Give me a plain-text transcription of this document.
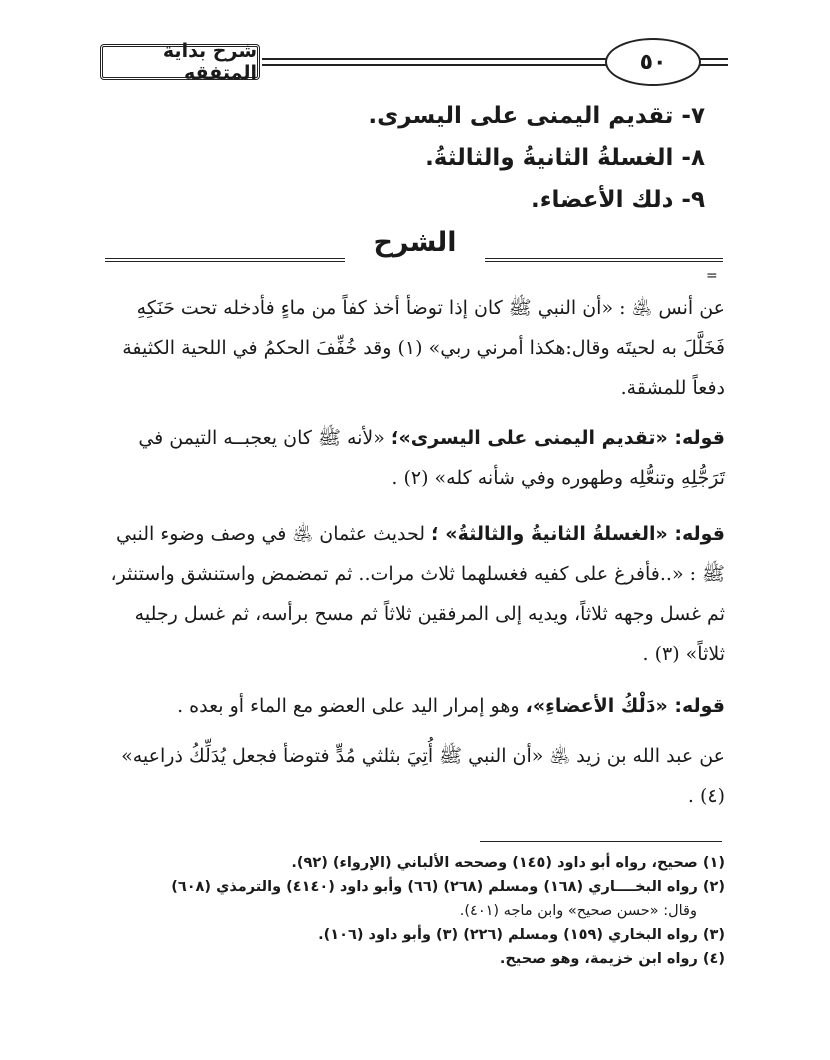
شرح بداية المتفقه	٥٠
٧- تقديم اليمنى على اليسرى.
٨- الغسلةُ الثانيةُ والثالثةُ.
٩- دلك الأعضاء.
الشرح
=
عن أنس ﵁ : «أن النبي ﷺ كان إذا توضأ أخذ كفاً من ماءٍ فأدخله تحت حَنَكِهِ فَخَلَّلَ به لحيتَه وقال:هكذا أمرني ربي» (١) وقد خُفِّفَ الحكمُ في اللحية الكثيفة دفعاً للمشقة.
قوله: «تقديم اليمنى على اليسرى»؛ «لأنه ﷺ كان يعجبــه التيمن في تَرَجُّلِهِ وتنعُّلِه وطهوره وفي شأنه كله» (٢) .
قوله: «الغسلةُ الثانيةُ والثالثةُ» ؛ لحديث عثمان ﵁ في وصف وضوء النبي ﷺ : «..فأفرغ على كفيه فغسلهما ثلاث مرات.. ثم تمضمض واستنشق واستنثر، ثم غسل وجهه ثلاثاً، ويديه إلى المرفقين ثلاثاً ثم مسح برأسه، ثم غسل رجليه ثلاثاً» (٣) .
قوله: «دَلْكُ الأعضاءِ»، وهو إمرار اليد على العضو مع الماء أو بعده .
عن عبد الله بن زيد ﵁ «أن النبي ﷺ أُتِيَ بثلثي مُدٍّ فتوضأ فجعل يُدَلِّكُ ذراعيه» (٤) .
(١) صحيح، رواه أبو داود (١٤٥) وصححه الألباني (الإرواء) (٩٢).
(٢) رواه البخــــاري (١٦٨) ومسلم (٢٦٨) (٦٦) وأبو داود (٤١٤٠) والترمذي (٦٠٨)
وقال: «حسن صحيح» وابن ماجه (٤٠١).
(٣) رواه البخاري (١٥٩) ومسلم (٢٢٦) (٣) وأبو داود (١٠٦).
(٤) رواه ابن خزيمة، وهو صحيح.
